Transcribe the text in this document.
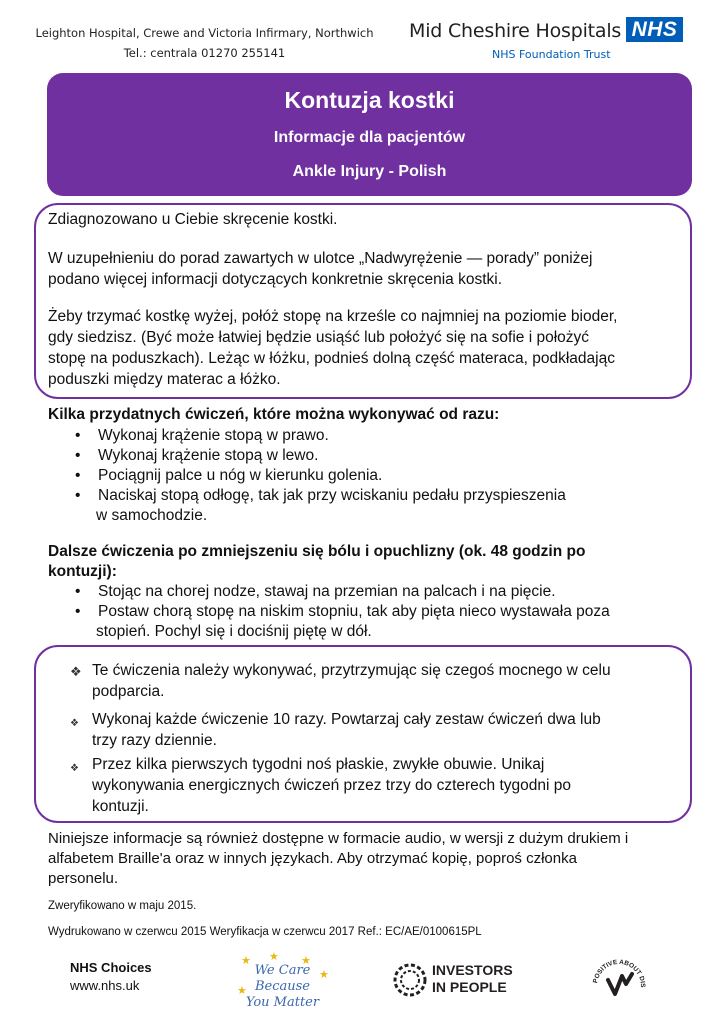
Leighton Hospital, Crewe and Victoria Infirmary, Northwich
Tel.: centrala 01270 255141
Mid Cheshire Hospitals
NHS Foundation Trust
NHS
Kontuzja kostki
Informacje dla pacjentów
Ankle Injury - Polish
Zdiagnozowano u Ciebie skręcenie kostki.
W uzupełnieniu do porad zawartych w ulotce „Nadwyrężenie — porady” poniżej
podano więcej informacji dotyczących konkretnie skręcenia kostki.
Żeby trzymać kostkę wyżej, połóż stopę na krześle co najmniej na poziomie bioder,
gdy siedzisz. (Być może łatwiej będzie usiąść lub położyć się na sofie i położyć
stopę na poduszkach). Leżąc w łóżku, podnieś dolną część materaca, podkładając
poduszki między materac a łóżko.
Kilka przydatnych ćwiczeń, które można wykonywać od razu:
• Wykonaj krążenie stopą w prawo.
• Wykonaj krążenie stopą w lewo.
• Pociągnij palce u nóg w kierunku golenia.
• Naciskaj stopą odłogę, tak jak przy wciskaniu pedału przyspieszenia
w samochodzie.
Dalsze ćwiczenia po zmniejszeniu się bólu i opuchlizny (ok. 48 godzin po
kontuzji):
• Stojąc na chorej nodze, stawaj na przemian na palcach i na pięcie.
• Postaw chorą stopę na niskim stopniu, tak aby pięta nieco wystawała poza
stopień. Pochyl się i dociśnij piętę w dół.
❖ Te ćwiczenia należy wykonywać, przytrzymując się czegoś mocnego w celu
podparcia.
❖ Wykonaj każde ćwiczenie 10 razy. Powtarzaj cały zestaw ćwiczeń dwa lub
trzy razy dziennie.
❖ Przez kilka pierwszych tygodni noś płaskie, zwykłe obuwie. Unikaj
wykonywania energicznych ćwiczeń przez trzy do czterech tygodni po
kontuzji.
Niniejsze informacje są również dostępne w formacie audio, w wersji z dużym drukiem i
alfabetem Braille'a oraz w innych językach. Aby otrzymać kopię, poproś członka
personelu.
Zweryfikowano w maju 2015.
Wydrukowano w czerwcu 2015 Weryfikacja w czerwcu 2017 Ref.: EC/AE/0100615PL
NHS Choices
www.nhs.uk
★ ★ ★
★
★
We Care
Because
You Matter
INVESTORS
IN PEOPLE	POSITIVE ABOUT DIS
